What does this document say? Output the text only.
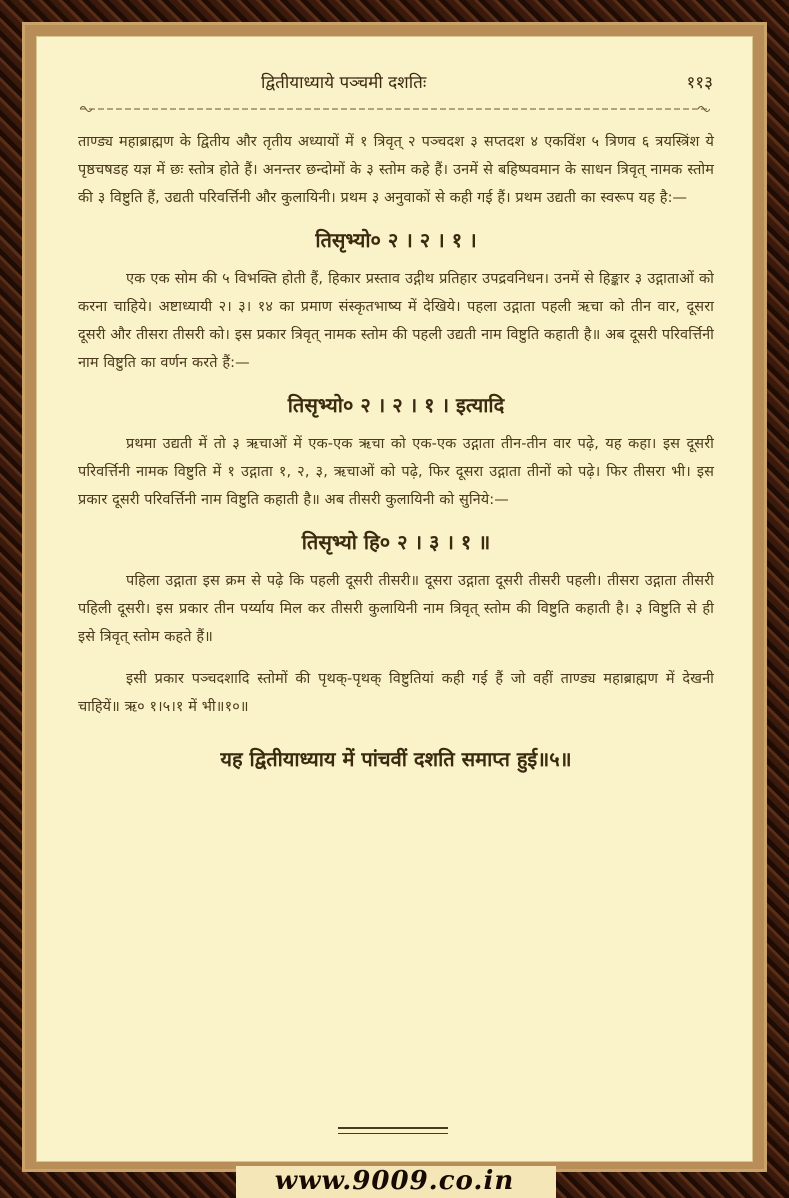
द्वितीयाध्याये पञ्चमी दशतिः	११३

ताण्ड्य महाब्राह्मण के द्वितीय और तृतीय अध्यायों में १ त्रिवृत् २ पञ्चदश ३ सप्तदश ४ एकविंश ५ त्रिणव ६ त्रयस्त्रिंश ये पृष्ठचषडह यज्ञ में छः स्तोत्र होते हैं। अनन्तर छन्दोमों के ३ स्तोम कहे हैं। उनमें से बहिष्पवमान के साधन त्रिवृत् नामक स्तोम की ३ विष्टुति हैं, उद्यती परिवर्त्तिनी और कुलायिनी। प्रथम ३ अनुवाकों से कही गई हैं। प्रथम उद्यती का स्वरूप यह है:—

तिसृभ्यो० २ । २ । १ ।

एक एक सोम की ५ विभक्ति होती हैं, हिकार प्रस्ताव उद्गीथ प्रतिहार उपद्रवनिधन। उनमें से हिङ्कार ३ उद्गाताओं को करना चाहिये। अष्टाध्यायी २। ३। १४ का प्रमाण संस्कृतभाष्य में देखिये। पहला उद्गाता पहली ऋचा को तीन वार, दूसरा दूसरी और तीसरा तीसरी को। इस प्रकार त्रिवृत् नामक स्तोम की पहली उद्यती नाम विष्टुति कहाती है॥ अब दूसरी परिवर्त्तिनी नाम विष्टुति का वर्णन करते हैं:—

तिसृभ्यो० २ । २ । १ । इत्यादि

प्रथमा उद्यती में तो ३ ऋचाओं में एक-एक ऋचा को एक-एक उद्गाता तीन-तीन वार पढ़े, यह कहा। इस दूसरी परिवर्त्तिनी नामक विष्टुति में १ उद्गाता १, २, ३, ऋचाओं को पढ़े, फिर दूसरा उद्गाता तीनों को पढ़े। फिर तीसरा भी। इस प्रकार दूसरी परिवर्त्तिनी नाम विष्टुति कहाती है॥ अब तीसरी कुलायिनी को सुनिये:—

तिसृभ्यो हि० २ । ३ । १ ॥

पहिला उद्गाता इस क्रम से पढ़े कि पहली दूसरी तीसरी॥ दूसरा उद्गाता दूसरी तीसरी पहली। तीसरा उद्गाता तीसरी पहिली दूसरी। इस प्रकार तीन पर्य्याय मिल कर तीसरी कुलायिनी नाम त्रिवृत् स्तोम की विष्टुति कहाती है। ३ विष्टुति से ही इसे त्रिवृत् स्तोम कहते हैं॥

इसी प्रकार पञ्चदशादि स्तोमों की पृथक्-पृथक् विष्टुतियां कही गई हैं जो वहीं ताण्ड्य महाब्राह्मण में देखनी चाहियें॥ ऋ० १।५।१ में भी॥१०॥

यह द्वितीयाध्याय में पांचवीं दशति समाप्त हुई॥५॥
www.9009.co.in
